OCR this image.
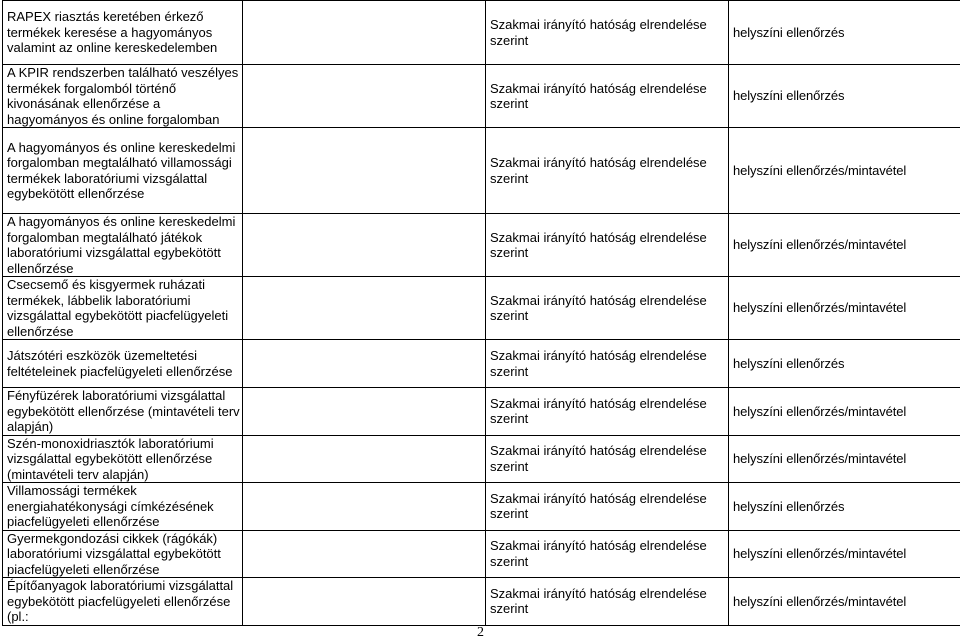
RAPEX riasztás keretében érkező termékek keresése a hagyományos valamint az online kereskedelemben		Szakmai irányító hatóság elrendelése szerint	helyszíni ellenőrzés
A KPIR rendszerben található veszélyes termékek forgalomból történő kivonásának ellenőrzése a hagyományos és online forgalomban		Szakmai irányító hatóság elrendelése szerint	helyszíni ellenőrzés
A hagyományos és online kereskedelmi forgalomban megtalálható villamossági termékek laboratóriumi vizsgálattal egybekötött ellenőrzése		Szakmai irányító hatóság elrendelése szerint	helyszíni ellenőrzés/mintavétel
A hagyományos és online kereskedelmi forgalomban megtalálható játékok laboratóriumi vizsgálattal egybekötött ellenőrzése		Szakmai irányító hatóság elrendelése szerint	helyszíni ellenőrzés/mintavétel
Csecsemő és kisgyermek ruházati termékek, lábbelik laboratóriumi vizsgálattal egybekötött piacfelügyeleti ellenőrzése		Szakmai irányító hatóság elrendelése szerint	helyszíni ellenőrzés/mintavétel
Játszótéri eszközök üzemeltetési feltételeinek piacfelügyeleti ellenőrzése		Szakmai irányító hatóság elrendelése szerint	helyszíni ellenőrzés
Fényfüzérek laboratóriumi vizsgálattal egybekötött ellenőrzése (mintavételi terv alapján)		Szakmai irányító hatóság elrendelése szerint	helyszíni ellenőrzés/mintavétel
Szén-monoxidriasztók laboratóriumi vizsgálattal egybekötött ellenőrzése (mintavételi terv alapján)		Szakmai irányító hatóság elrendelése szerint	helyszíni ellenőrzés/mintavétel
Villamossági termékek energiahatékonysági címkézésének piacfelügyeleti ellenőrzése		Szakmai irányító hatóság elrendelése szerint	helyszíni ellenőrzés
Gyermekgondozási cikkek (rágókák) laboratóriumi vizsgálattal egybekötött piacfelügyeleti ellenőrzése		Szakmai irányító hatóság elrendelése szerint	helyszíni ellenőrzés/mintavétel
Építőanyagok laboratóriumi vizsgálattal egybekötött piacfelügyeleti ellenőrzése (pl.:		Szakmai irányító hatóság elrendelése szerint	helyszíni ellenőrzés/mintavétel
2
